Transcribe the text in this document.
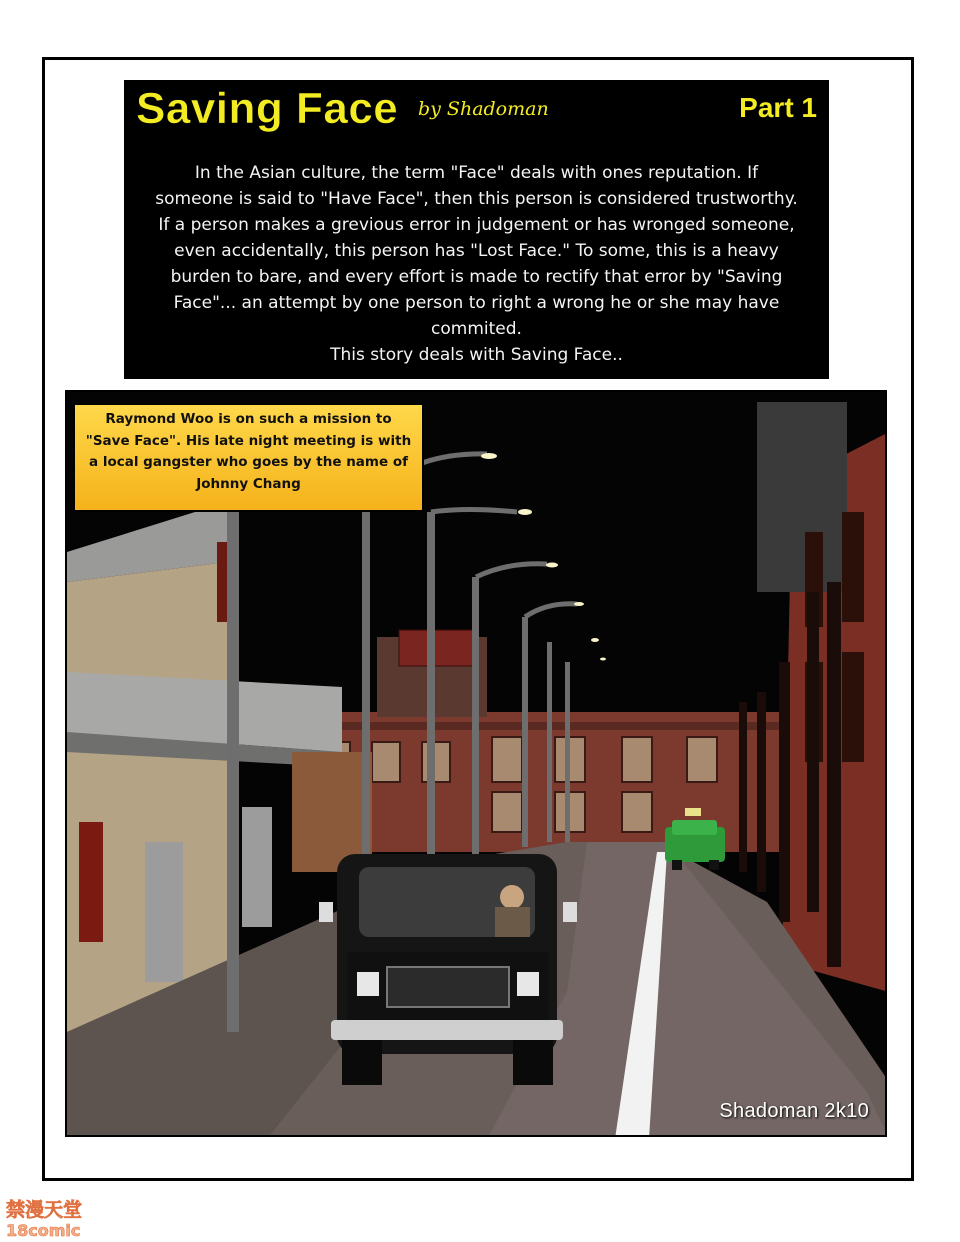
Saving Face by Shadoman	Part 1
In the Asian culture, the term "Face" deals with ones reputation. If
someone is said to "Have Face", then this person is considered trustworthy.
If a person makes a grevious error in judgement or has wronged someone,
even accidentally, this person has "Lost Face." To some, this is a heavy
burden to bare, and every effort is made to rectify that error by "Saving
Face"... an attempt by one person to right a wrong he or she may have
commited.
This story deals with Saving Face..
Shadoman 2k10
Raymond Woo is on such a mission to
"Save Face". His late night meeting is with
a local gangster who goes by the name of
Johnny Chang
禁漫天堂
18comic
